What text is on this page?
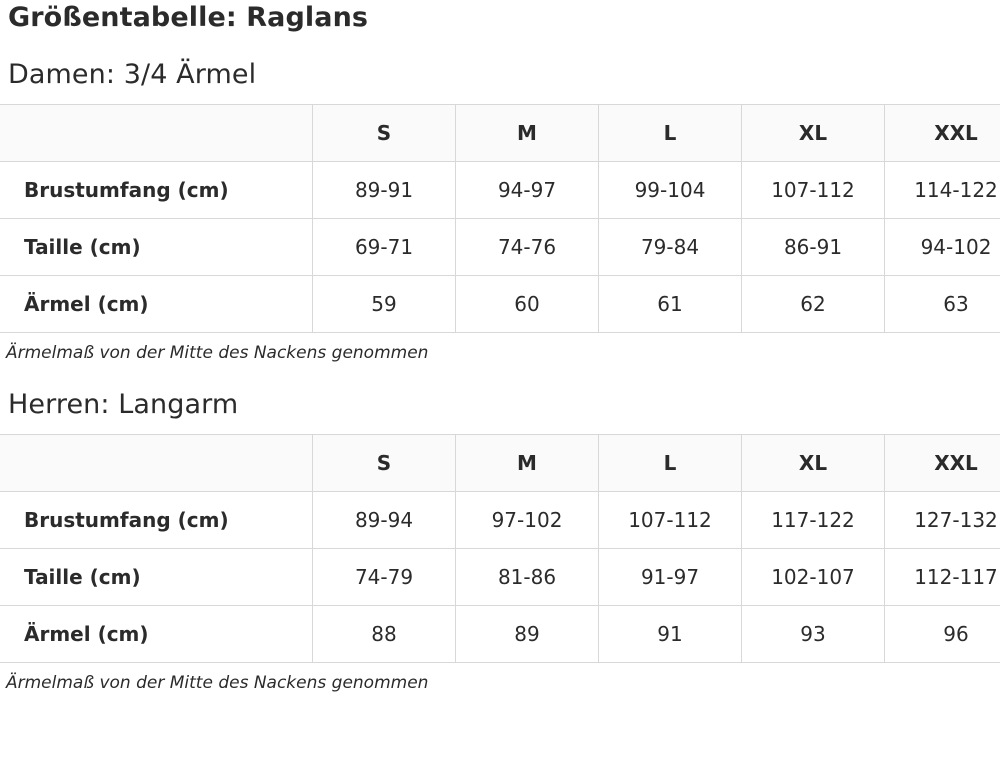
Größentabelle: Raglans
Damen: 3/4 Ärmel
	S	M	L	XL	XXL
Brustumfang (cm)	89-91	94-97	99-104	107-112	114-122
Taille (cm)	69-71	74-76	79-84	86-91	94-102
Ärmel (cm)	59	60	61	62	63

Ärmelmaß von der Mitte des Nackens genommen

Herren: Langarm
	S	M	L	XL	XXL
Brustumfang (cm)	89-94	97-102	107-112	117-122	127-132
Taille (cm)	74-79	81-86	91-97	102-107	112-117
Ärmel (cm)	88	89	91	93	96

Ärmelmaß von der Mitte des Nackens genommen
